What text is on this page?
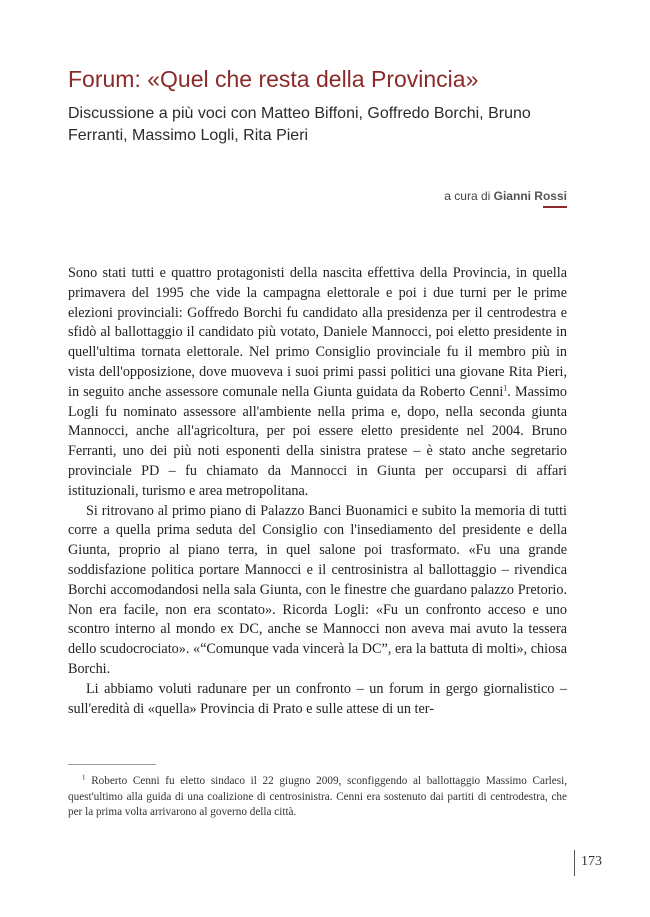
Forum: «Quel che resta della Provincia»
Discussione a più voci con Matteo Biffoni, Goffredo Borchi, Bruno Ferranti, Massimo Logli, Rita Pieri
a cura di Gianni Rossi

Sono stati tutti e quattro protagonisti della nascita effettiva della Provincia, in quella primavera del 1995 che vide la campagna elettorale e poi i due turni per le prime elezioni provinciali: Goffredo Borchi fu candidato alla presidenza per il centrodestra e sfidò al ballottaggio il candidato più votato, Daniele Mannocci, poi eletto presidente in quell'ultima tornata elettorale. Nel primo Consiglio provinciale fu il membro più in vista dell'opposizione, dove muoveva i suoi primi passi politici una giovane Rita Pieri, in seguito anche assessore comunale nella Giunta guidata da Roberto Cenni$^1$. Massimo Logli fu nominato assessore all'ambiente nella prima e, dopo, nella seconda giunta Mannocci, anche all'agricoltura, per poi essere eletto presidente nel 2004. Bruno Ferranti, uno dei più noti esponenti della sinistra pratese – è stato anche segretario provinciale PD – fu chiamato da Mannocci in Giunta per occuparsi di affari istituzionali, turismo e area metropolitana.

Si ritrovano al primo piano di Palazzo Banci Buonamici e subito la memoria di tutti corre a quella prima seduta del Consiglio con l'insediamento del presidente e della Giunta, proprio al piano terra, in quel salone poi trasformato. «Fu una grande soddisfazione politica portare Mannocci e il centrosinistra al ballottaggio – rivendica Borchi accomodandosi nella sala Giunta, con le finestre che guardano palazzo Pretorio. Non era facile, non era scontato». Ricorda Logli: «Fu un confronto acceso e uno scontro interno al mondo ex DC, anche se Mannocci non aveva mai avuto la tessera dello scudocrociato». «“Comunque vada vincerà la DC”, era la battuta di molti», chiosa Borchi.

Li abbiamo voluti radunare per un confronto – un forum in gergo giornalistico – sull'eredità di «quella» Provincia di Prato e sulle attese di un ter-

$^1$ Roberto Cenni fu eletto sindaco il 22 giugno 2009, sconfiggendo al ballottaggio Massimo Carlesi, quest'ultimo alla guida di una coalizione di centrosinistra. Cenni era sostenuto dai partiti di centrodestra, che per la prima volta arrivarono al governo della città.
173
